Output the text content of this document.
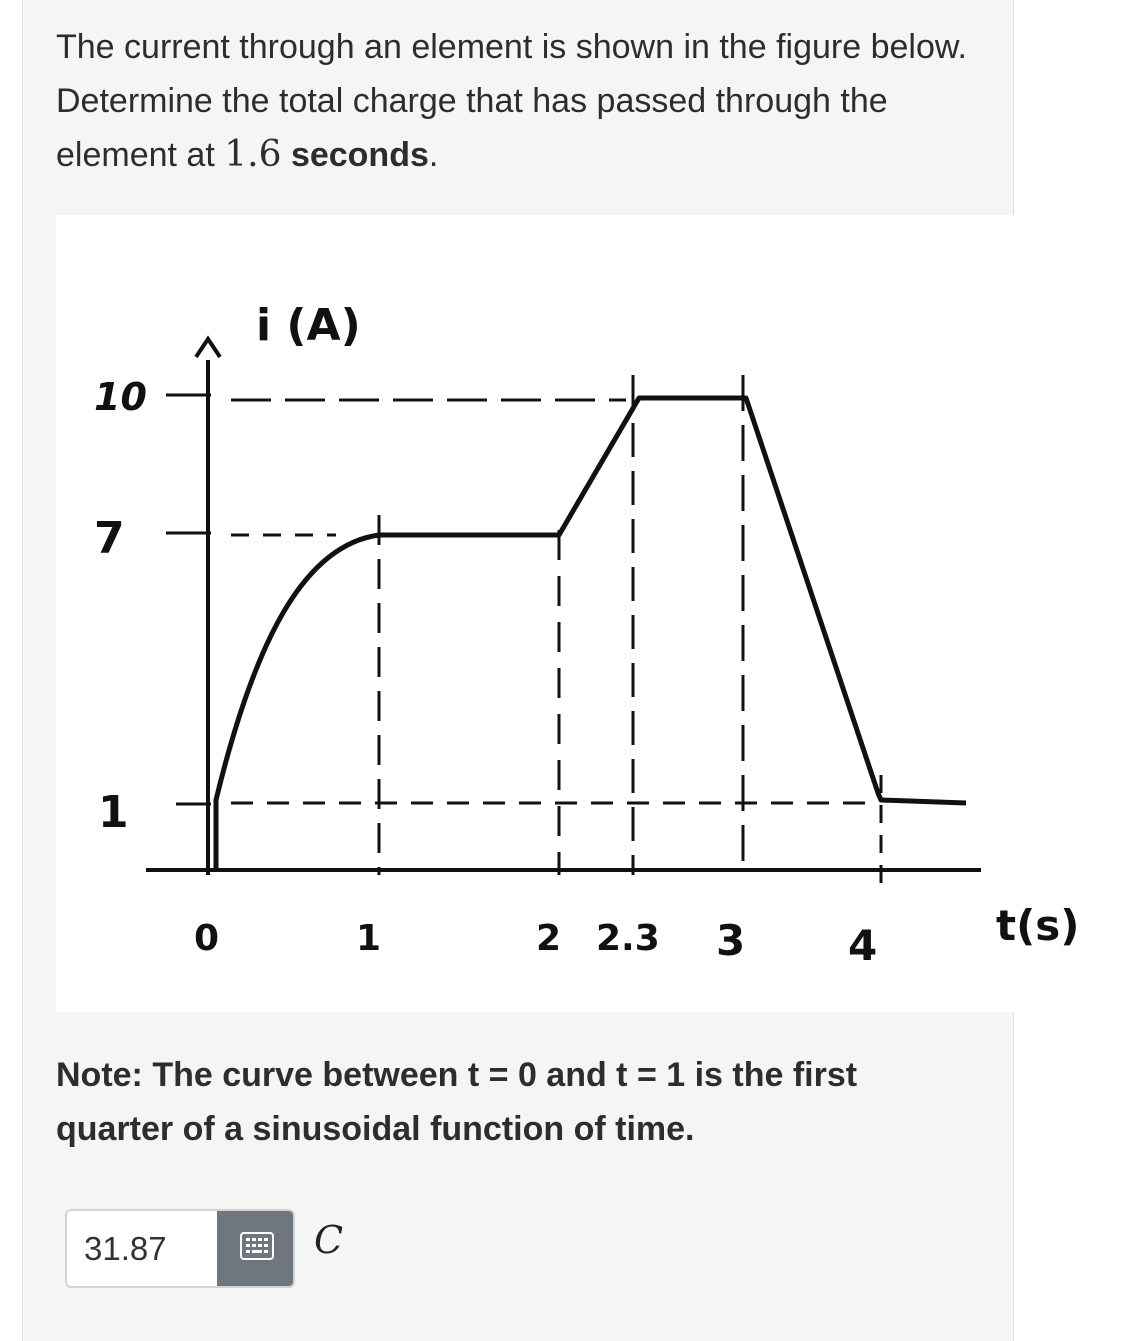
The current through an element is shown in the figure below. Determine the total charge that has passed through the element at 1.6 seconds.
i (A)
10
7
1
0	1	2 2.3 3 4	t(s)
Note: The curve between t = 0 and t = 1 is the first quarter of a sinusoidal function of time.
31.87
C
